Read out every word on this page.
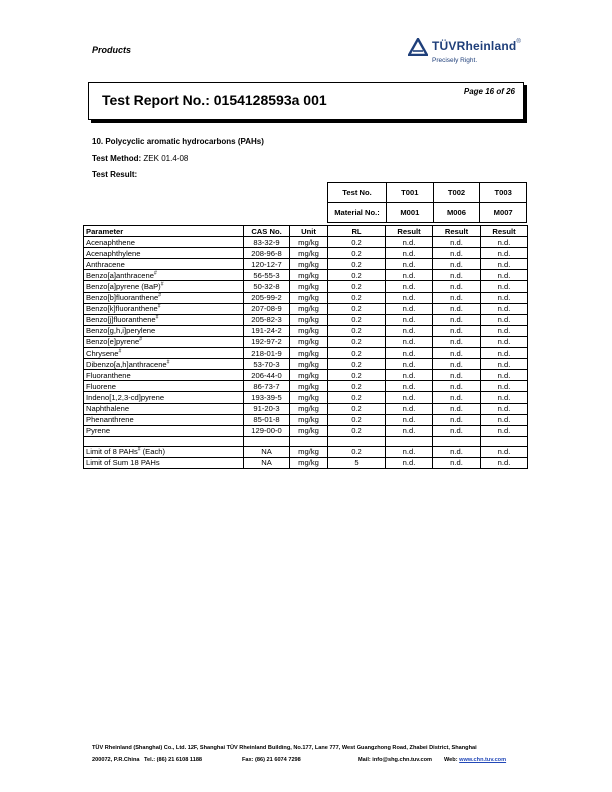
Products	TÜVRheinland®
Precisely Right.
Test Report No.: 0154128593a 001
Page 16 of 26
10. Polycyclic aromatic hydrocarbons (PAHs)
Test Method: ZEK 01.4-08
Test Result:
Test No.	T001	T002	T003
Material No.:	M001	M006	M007
Parameter	CAS No.	Unit	RL	Result	Result	Result
Acenaphthene	83-32-9	mg/kg	0.2	n.d.	n.d.	n.d.
Acenaphthylene	208-96-8	mg/kg	0.2	n.d.	n.d.	n.d.
Anthracene	120-12-7	mg/kg	0.2	n.d.	n.d.	n.d.
Benzo[a]anthracene#	56-55-3	mg/kg	0.2	n.d.	n.d.	n.d.
Benzo[a]pyrene (BaP)#	50-32-8	mg/kg	0.2	n.d.	n.d.	n.d.
Benzo[b]fluoranthene#	205-99-2	mg/kg	0.2	n.d.	n.d.	n.d.
Benzo[k]fluoranthene#	207-08-9	mg/kg	0.2	n.d.	n.d.	n.d.
Benzo[j]fluoranthene#	205-82-3	mg/kg	0.2	n.d.	n.d.	n.d.
Benzo[g,h,i]perylene	191-24-2	mg/kg	0.2	n.d.	n.d.	n.d.
Benzo[e]pyrene#	192-97-2	mg/kg	0.2	n.d.	n.d.	n.d.
Chrysene#	218-01-9	mg/kg	0.2	n.d.	n.d.	n.d.
Dibenzo[a,h]anthracene#	53-70-3	mg/kg	0.2	n.d.	n.d.	n.d.
Fluoranthene	206-44-0	mg/kg	0.2	n.d.	n.d.	n.d.
Fluorene	86-73-7	mg/kg	0.2	n.d.	n.d.	n.d.
Indeno[1,2,3-cd]pyrene	193-39-5	mg/kg	0.2	n.d.	n.d.	n.d.
Naphthalene	91-20-3	mg/kg	0.2	n.d.	n.d.	n.d.
Phenanthrene	85-01-8	mg/kg	0.2	n.d.	n.d.	n.d.
Pyrene	129-00-0	mg/kg	0.2	n.d.	n.d.	n.d.

Limit of 8 PAHs# (Each)	NA	mg/kg	0.2	n.d.	n.d.	n.d.
Limit of Sum 18 PAHs	NA	mg/kg	5	n.d.	n.d.	n.d.
TÜV Rheinland (Shanghai) Co., Ltd. 12F, Shanghai TÜV Rheinland Building, No.177, Lane 777, West Guangzhong Road, Zhabei District, Shanghai
200072, P.R.China Tel.: (86) 21 6108 1188	Fax: (86) 21 6074 7298	Mail: info@shg.chn.tuv.com Web: www.chn.tuv.com
